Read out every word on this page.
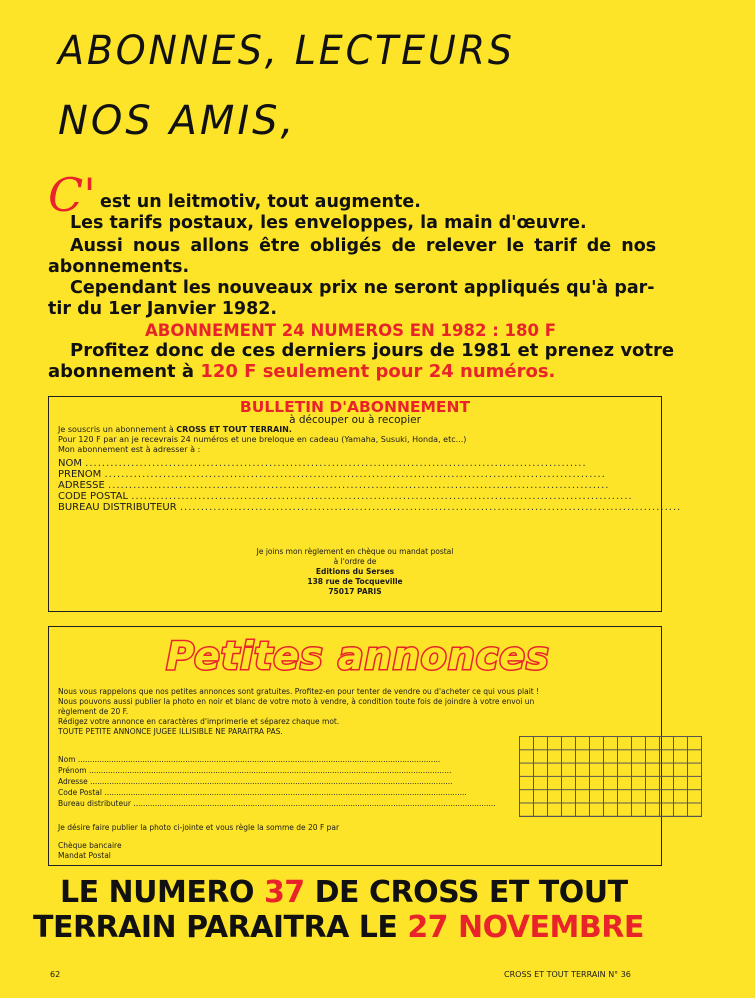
ABONNES, LECTEURS
NOS AMIS,
C' est un leitmotiv, tout augmente.
Les tarifs postaux, les enveloppes, la main d'œuvre.
Aussi nous allons être obligés de relever le tarif de nos
abonnements.
Cependant les nouveaux prix ne seront appliqués qu'à par-
tir du 1er Janvier 1982.
ABONNEMENT 24 NUMEROS EN 1982 : 180 F
Profitez donc de ces derniers jours de 1981 et prenez votre
abonnement à 120 F seulement pour 24 numéros.
BULLETIN D'ABONNEMENT
à découper ou à recopier
Je souscris un abonnement à CROSS ET TOUT TERRAIN.
Pour 120 F par an je recevrais 24 numéros et une breloque en cadeau (Yamaha, Susuki, Honda, etc...)
Mon abonnement est à adresser à :
NOM ........................................................................................................................
PRENOM ........................................................................................................................
ADRESSE ........................................................................................................................
CODE POSTAL ........................................................................................................................
BUREAU DISTRIBUTEUR ........................................................................................................................
Je joins mon règlement en chèque ou mandat postal
à l'ordre de
Editions du Serses
138 rue de Tocqueville
75017 PARIS
Petites annonces
Nous vous rappelons que nos petites annonces sont gratuites. Profitez-en pour tenter de vendre ou d'acheter ce qui vous plait !
Nous pouvons aussi publier la photo en noir et blanc de votre moto à vendre, à condition toute fois de joindre à votre envoi un
règlement de 20 F.
Rédigez votre annonce en caractères d'imprimerie et séparez chaque mot.
TOUTE PETITE ANNONCE JUGEE ILLISIBLE NE PARAITRA PAS.
Nom ........................................................................................................................................................
Prénom ........................................................................................................................................................
Adresse ........................................................................................................................................................
Code Postal ........................................................................................................................................................
Bureau distributeur ........................................................................................................................................................
Je désire faire publier la photo ci-jointe et vous règle la somme de 20 F par
Chèque bancaire
Mandat Postal
LE NUMERO 37 DE CROSS ET TOUT
TERRAIN PARAITRA LE 27 NOVEMBRE
62	CROSS ET TOUT TERRAIN N° 36
